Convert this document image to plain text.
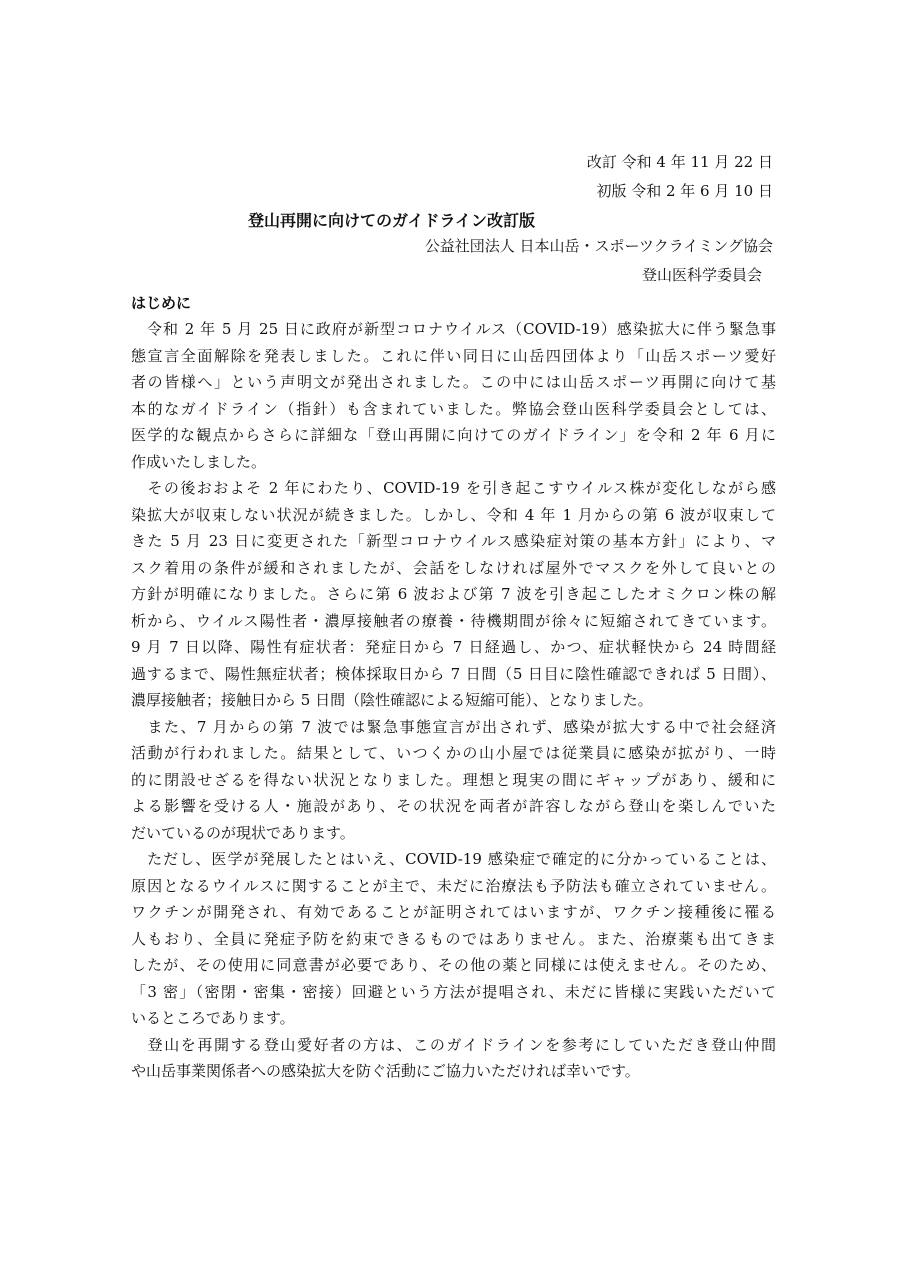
改訂 令和 4 年 11 月 22 日
初版 令和 2 年 6 月 10 日
登山再開に向けてのガイドライン改訂版
公益社団法人 日本山岳・スポーツクライミング協会
登山医科学委員会
はじめに
　令和 2 年 5 月 25 日に政府が新型コロナウイルス（COVID-19）感染拡大に伴う緊急事
態宣言全面解除を発表しました。これに伴い同日に山岳四団体より「山岳スポーツ愛好
者の皆様へ」という声明文が発出されました。この中には山岳スポーツ再開に向けて基
本的なガイドライン（指針）も含まれていました。弊協会登山医科学委員会としては、
医学的な観点からさらに詳細な「登山再開に向けてのガイドライン」を令和 2 年 6 月に
作成いたしました。
　その後おおよそ 2 年にわたり、COVID-19 を引き起こすウイルス株が変化しながら感
染拡大が収束しない状況が続きました。しかし、令和 4 年 1 月からの第 6 波が収束して
きた 5 月 23 日に変更された「新型コロナウイルス感染症対策の基本方針」により、マ
スク着用の条件が緩和されましたが、会話をしなければ屋外でマスクを外して良いとの
方針が明確になりました。さらに第 6 波および第 7 波を引き起こしたオミクロン株の解
析から、ウイルス陽性者・濃厚接触者の療養・待機期間が徐々に短縮されてきています。
9 月 7 日以降、陽性有症状者：発症日から 7 日経過し、かつ、症状軽快から 24 時間経
過するまで、陽性無症状者；検体採取日から 7 日間（5 日目に陰性確認できれば 5 日間）、
濃厚接触者；接触日から 5 日間（陰性確認による短縮可能）、となりました。
　また、7 月からの第 7 波では緊急事態宣言が出されず、感染が拡大する中で社会経済
活動が行われました。結果として、いつくかの山小屋では従業員に感染が拡がり、一時
的に閉設せざるを得ない状況となりました。理想と現実の間にギャップがあり、緩和に
よる影響を受ける人・施設があり、その状況を両者が許容しながら登山を楽しんでいた
だいているのが現状であります。
　ただし、医学が発展したとはいえ、COVID-19 感染症で確定的に分かっていることは、
原因となるウイルスに関することが主で、未だに治療法も予防法も確立されていません。
ワクチンが開発され、有効であることが証明されてはいますが、ワクチン接種後に罹る
人もおり、全員に発症予防を約束できるものではありません。また、治療薬も出てきま
したが、その使用に同意書が必要であり、その他の薬と同様には使えません。そのため、
「3 密」（密閉・密集・密接）回避という方法が提唱され、未だに皆様に実践いただいて
いるところであります。
　登山を再開する登山愛好者の方は、このガイドラインを参考にしていただき登山仲間
や山岳事業関係者への感染拡大を防ぐ活動にご協力いただければ幸いです。
